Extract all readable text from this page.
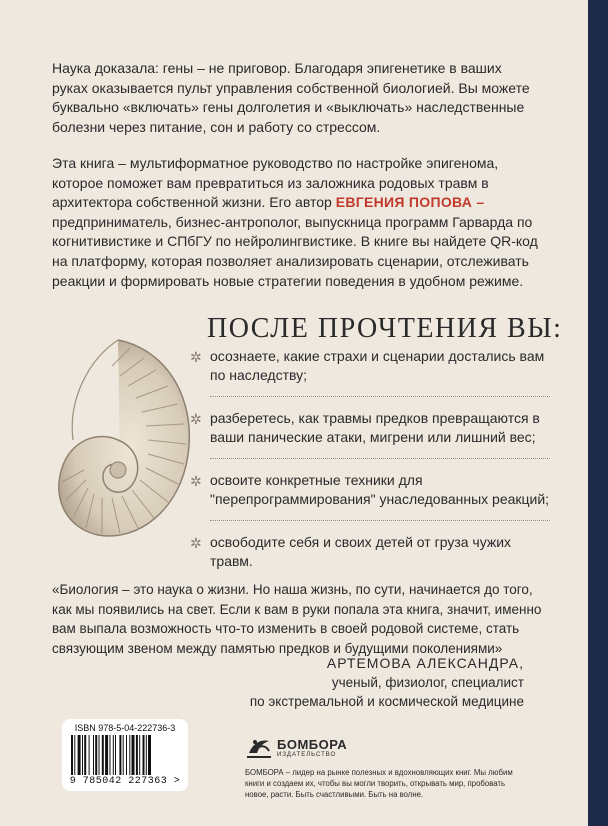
Наука доказала: гены – не приговор. Благодаря эпигенетике в ваших руках оказывается пульт управления собственной биологией. Вы можете буквально «включать» гены долголетия и «выключать» наследственные болезни через питание, сон и работу со стрессом.

Эта книга – мультиформатное руководство по настройке эпигенома, которое поможет вам превратиться из заложника родовых травм в архитектора собственной жизни. Его автор ЕВГЕНИЯ ПОПОВА – предприниматель, бизнес-антрополог, выпускница программ Гарварда по когнитивистике и СПбГУ по нейролингвистике. В книге вы найдете QR-код на платформу, которая позволяет анализировать сценарии, отслеживать реакции и формировать новые стратегии поведения в удобном режиме.

ПОСЛЕ ПРОЧТЕНИЯ ВЫ:
✲ осознаете, какие страхи и сценарии достались вам по наследству;
✲ разберетесь, как травмы предков превращаются в ваши панические атаки, мигрени или лишний вес;
✲ освоите конкретные техники для "перепрограммирования" унаследованных реакций;
✲ освободите себя и своих детей от груза чужих травм.

«Биология – это наука о жизни. Но наша жизнь, по сути, начинается до того, как мы появились на свет. Если к вам в руки попала эта книга, значит, именно вам выпала возможность что-то изменить в своей родовой системе, стать связующим звеном между памятью предков и будущими поколениями»

АРТЕМОВА АЛЕКСАНДРА,
ученый, физиолог, специалист
по экстремальной и космической медицине
ISBN 978-5-04-222736-3
9 785042 227363 >
БОМБОРА
ИЗДАТЕЛЬСТВО

БОМБОРА – лидер на рынке полезных и вдохновляющих книг. Мы любим книги и создаем их, чтобы вы могли творить, открывать мир, пробовать новое, расти. Быть счастливыми. Быть на волне.
